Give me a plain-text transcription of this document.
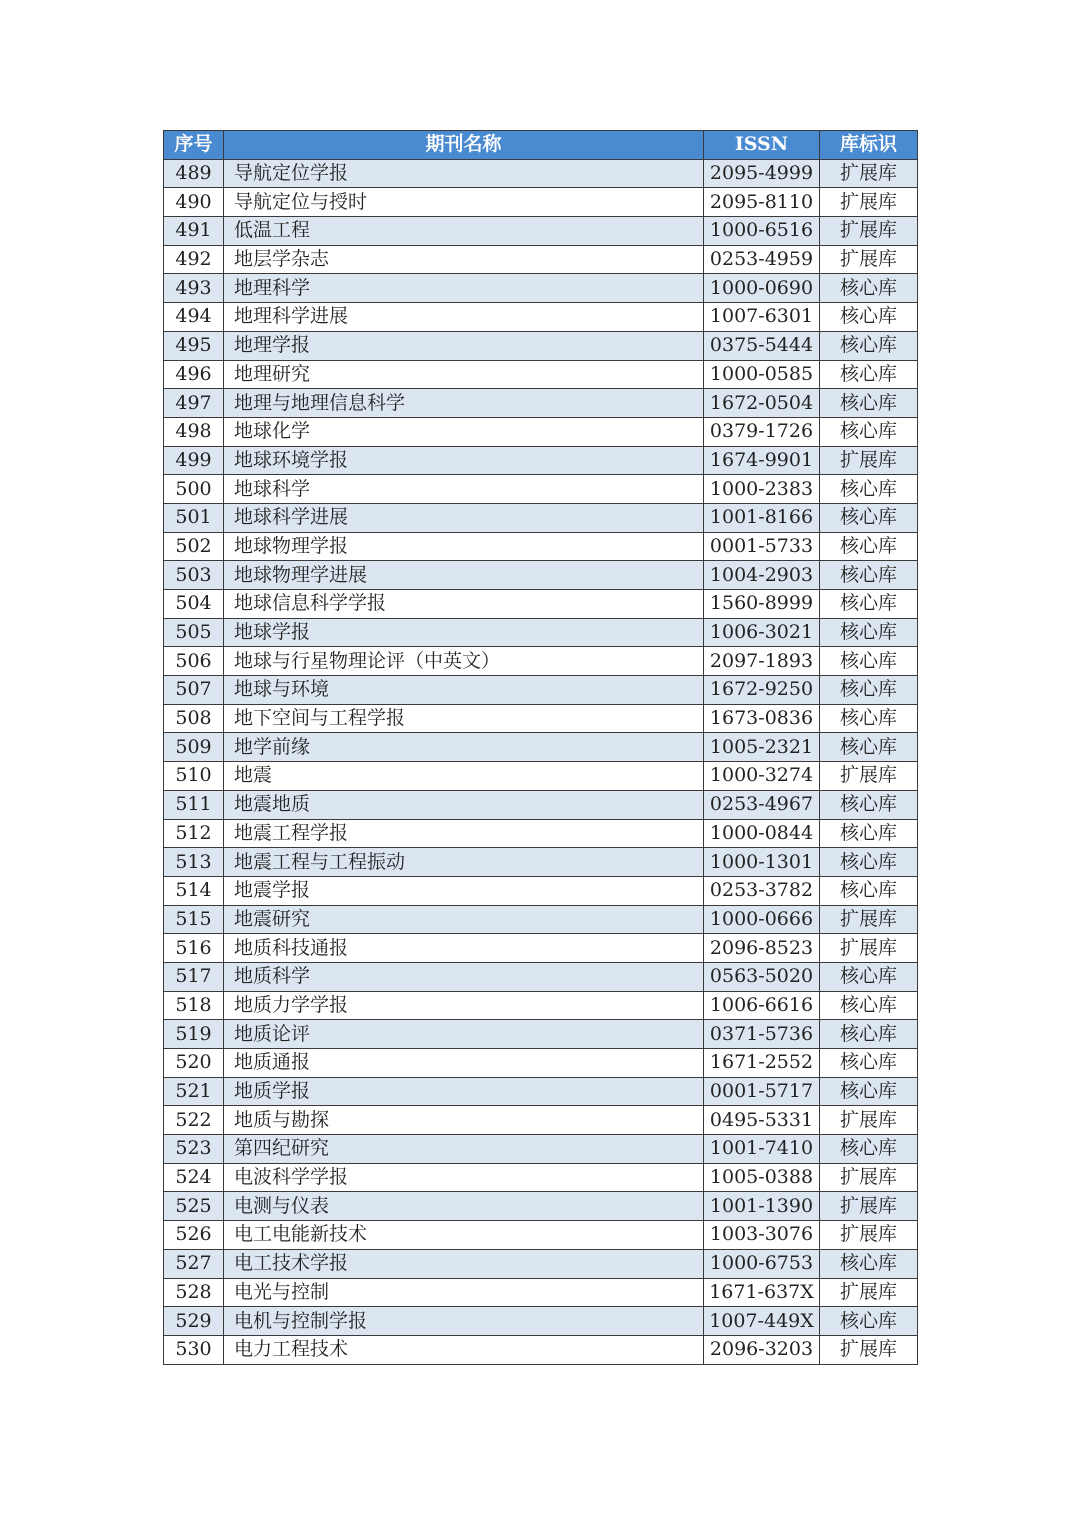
序号	期刊名称	ISSN	库标识
489	导航定位学报	2095-4999	扩展库
490	导航定位与授时	2095-8110	扩展库
491	低温工程	1000-6516	扩展库
492	地层学杂志	0253-4959	扩展库
493	地理科学	1000-0690	核心库
494	地理科学进展	1007-6301	核心库
495	地理学报	0375-5444	核心库
496	地理研究	1000-0585	核心库
497	地理与地理信息科学	1672-0504	核心库
498	地球化学	0379-1726	核心库
499	地球环境学报	1674-9901	扩展库
500	地球科学	1000-2383	核心库
501	地球科学进展	1001-8166	核心库
502	地球物理学报	0001-5733	核心库
503	地球物理学进展	1004-2903	核心库
504	地球信息科学学报	1560-8999	核心库
505	地球学报	1006-3021	核心库
506	地球与行星物理论评（中英文）	2097-1893	核心库
507	地球与环境	1672-9250	核心库
508	地下空间与工程学报	1673-0836	核心库
509	地学前缘	1005-2321	核心库
510	地震	1000-3274	扩展库
511	地震地质	0253-4967	核心库
512	地震工程学报	1000-0844	核心库
513	地震工程与工程振动	1000-1301	核心库
514	地震学报	0253-3782	核心库
515	地震研究	1000-0666	扩展库
516	地质科技通报	2096-8523	扩展库
517	地质科学	0563-5020	核心库
518	地质力学学报	1006-6616	核心库
519	地质论评	0371-5736	核心库
520	地质通报	1671-2552	核心库
521	地质学报	0001-5717	核心库
522	地质与勘探	0495-5331	扩展库
523	第四纪研究	1001-7410	核心库
524	电波科学学报	1005-0388	扩展库
525	电测与仪表	1001-1390	扩展库
526	电工电能新技术	1003-3076	扩展库
527	电工技术学报	1000-6753	核心库
528	电光与控制	1671-637X	扩展库
529	电机与控制学报	1007-449X	核心库
530	电力工程技术	2096-3203	扩展库
